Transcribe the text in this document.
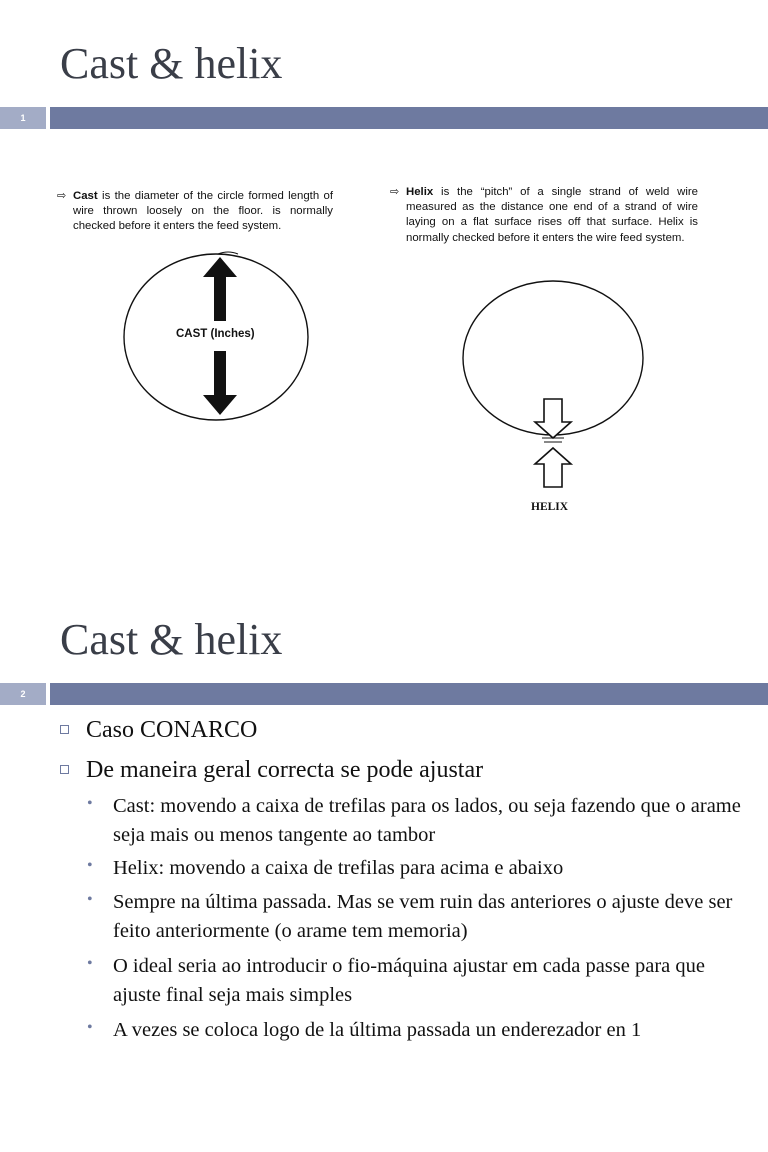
Cast & helix
1
⇨ Cast is the diameter of the circle formed length of wire thrown loosely on the floor. is normally checked before it enters the feed system.
⇨ Helix is the “pitch” of a single strand of weld wire measured as the distance one end of a strand of wire laying on a flat surface rises off that surface. Helix is normally checked before it enters the wire feed system.
CAST (Inches)
HELIX
Cast & helix
2
Caso CONARCO
De maneira geral correcta se pode ajustar
• Cast: movendo a caixa de trefilas para os lados, ou seja fazendo que o arame seja mais ou menos tangente ao tambor
• Helix: movendo a caixa de trefilas para acima e abaixo
• Sempre na última passada. Mas se vem ruin das anteriores o ajuste deve ser feito anteriormente (o arame tem memoria)
• O ideal seria ao introducir o fio-máquina ajustar em cada passe para que ajuste final seja mais simples
• A vezes se coloca logo de la última passada un enderezador en 1
